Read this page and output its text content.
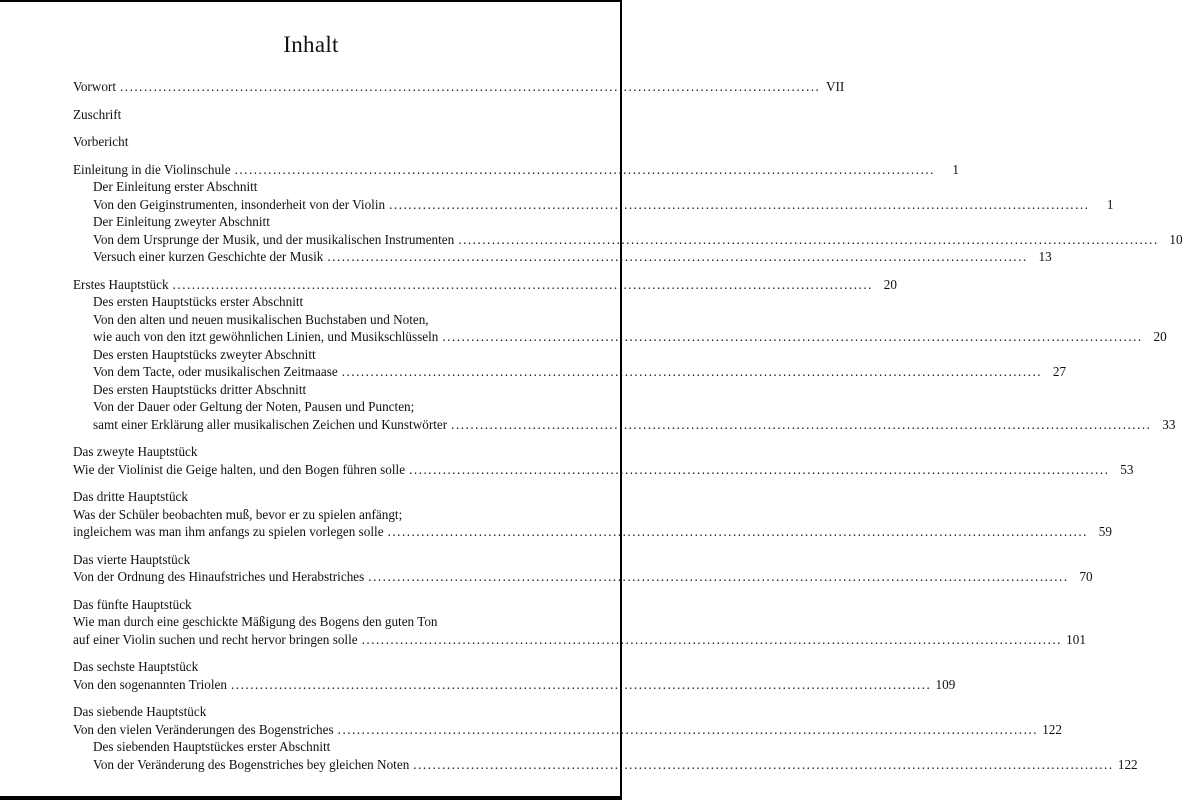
Inhalt
Vorwort .....	VII
Zuschrift
Vorbericht
Einleitung in die Violinschule .....	1
Der Einleitung erster Abschnitt
Von den Geiginstrumenten, insonderheit von der Violin .....	1
Der Einleitung zweyter Abschnitt
Von dem Ursprunge der Musik, und der musikalischen Instrumenten .....	10
Versuch einer kurzen Geschichte der Musik .....	13
Erstes Hauptstück .....	20
Des ersten Hauptstücks erster Abschnitt
Von den alten und neuen musikalischen Buchstaben und Noten,
wie auch von den itzt gewöhnlichen Linien, und Musikschlüsseln .....	20
Des ersten Hauptstücks zweyter Abschnitt
Von dem Tacte, oder musikalischen Zeitmaase .....	27
Des ersten Hauptstücks dritter Abschnitt
Von der Dauer oder Geltung der Noten, Pausen und Puncten;
samt einer Erklärung aller musikalischen Zeichen und Kunstwörter .....	33
Das zweyte Hauptstück
Wie der Violinist die Geige halten, und den Bogen führen solle .....	53
Das dritte Hauptstück
Was der Schüler beobachten muß, bevor er zu spielen anfängt;
ingleichem was man ihm anfangs zu spielen vorlegen solle .....	59
Das vierte Hauptstück
Von der Ordnung des Hinaufstriches und Herabstriches .....	70
Das fünfte Hauptstück
Wie man durch eine geschickte Mäßigung des Bogens den guten Ton
auf einer Violin suchen und recht hervor bringen solle .....	101
Das sechste Hauptstück
Von den sogenannten Triolen .....	109
Das siebende Hauptstück
Von den vielen Veränderungen des Bogenstriches .....	122
Des siebenden Hauptstückes erster Abschnitt
Von der Veränderung des Bogenstriches bey gleichen Noten .....	122
